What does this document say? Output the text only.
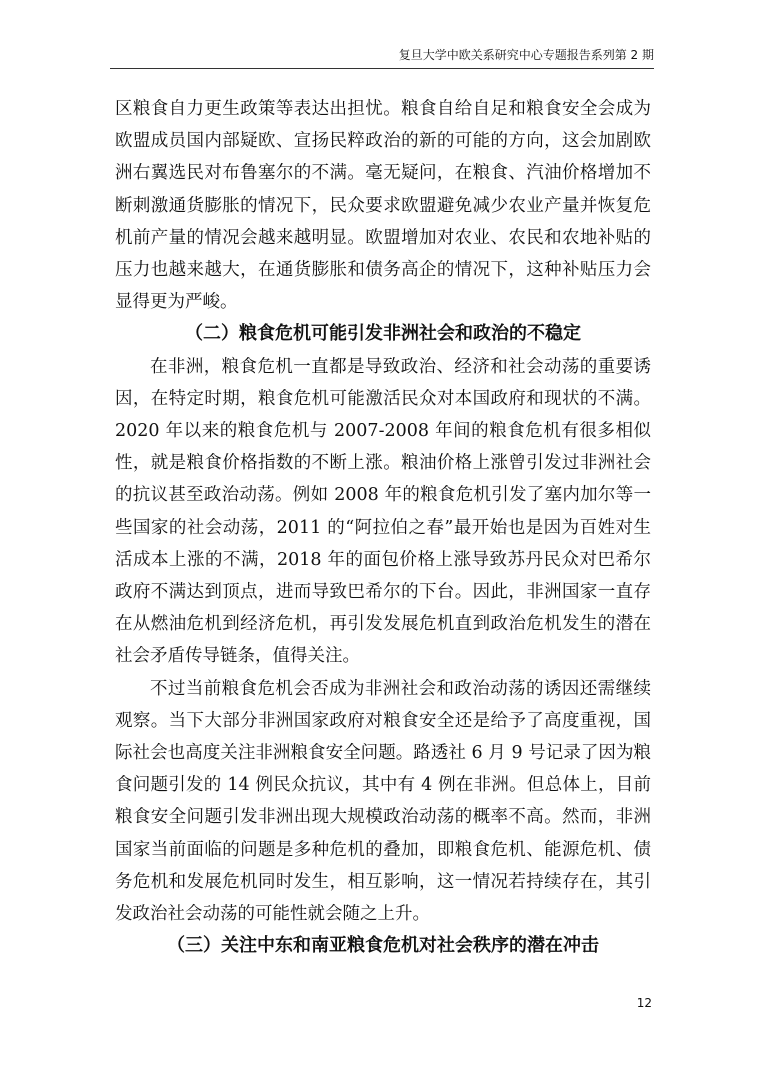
复旦大学中欧关系研究中心专题报告系列第 2 期

区粮食自力更生政策等表达出担忧。粮食自给自足和粮食安全会成为欧盟成员国内部疑欧、宣扬民粹政治的新的可能的方向，这会加剧欧洲右翼选民对布鲁塞尔的不满。毫无疑问，在粮食、汽油价格增加不断刺激通货膨胀的情况下，民众要求欧盟避免减少农业产量并恢复危机前产量的情况会越来越明显。欧盟增加对农业、农民和农地补贴的压力也越来越大，在通货膨胀和债务高企的情况下，这种补贴压力会显得更为严峻。

（二）粮食危机可能引发非洲社会和政治的不稳定

在非洲，粮食危机一直都是导致政治、经济和社会动荡的重要诱因，在特定时期，粮食危机可能激活民众对本国政府和现状的不满。2020 年以来的粮食危机与 2007-2008 年间的粮食危机有很多相似性，就是粮食价格指数的不断上涨。粮油价格上涨曾引发过非洲社会的抗议甚至政治动荡。例如 2008 年的粮食危机引发了塞内加尔等一些国家的社会动荡，2011 的“阿拉伯之春”最开始也是因为百姓对生活成本上涨的不满，2018 年的面包价格上涨导致苏丹民众对巴希尔政府不满达到顶点，进而导致巴希尔的下台。因此，非洲国家一直存在从燃油危机到经济危机，再引发发展危机直到政治危机发生的潜在社会矛盾传导链条，值得关注。

不过当前粮食危机会否成为非洲社会和政治动荡的诱因还需继续观察。当下大部分非洲国家政府对粮食安全还是给予了高度重视，国际社会也高度关注非洲粮食安全问题。路透社 6 月 9 号记录了因为粮食问题引发的 14 例民众抗议，其中有 4 例在非洲。但总体上，目前粮食安全问题引发非洲出现大规模政治动荡的概率不高。然而，非洲国家当前面临的问题是多种危机的叠加，即粮食危机、能源危机、债务危机和发展危机同时发生，相互影响，这一情况若持续存在，其引发政治社会动荡的可能性就会随之上升。

（三）关注中东和南亚粮食危机对社会秩序的潜在冲击
12
